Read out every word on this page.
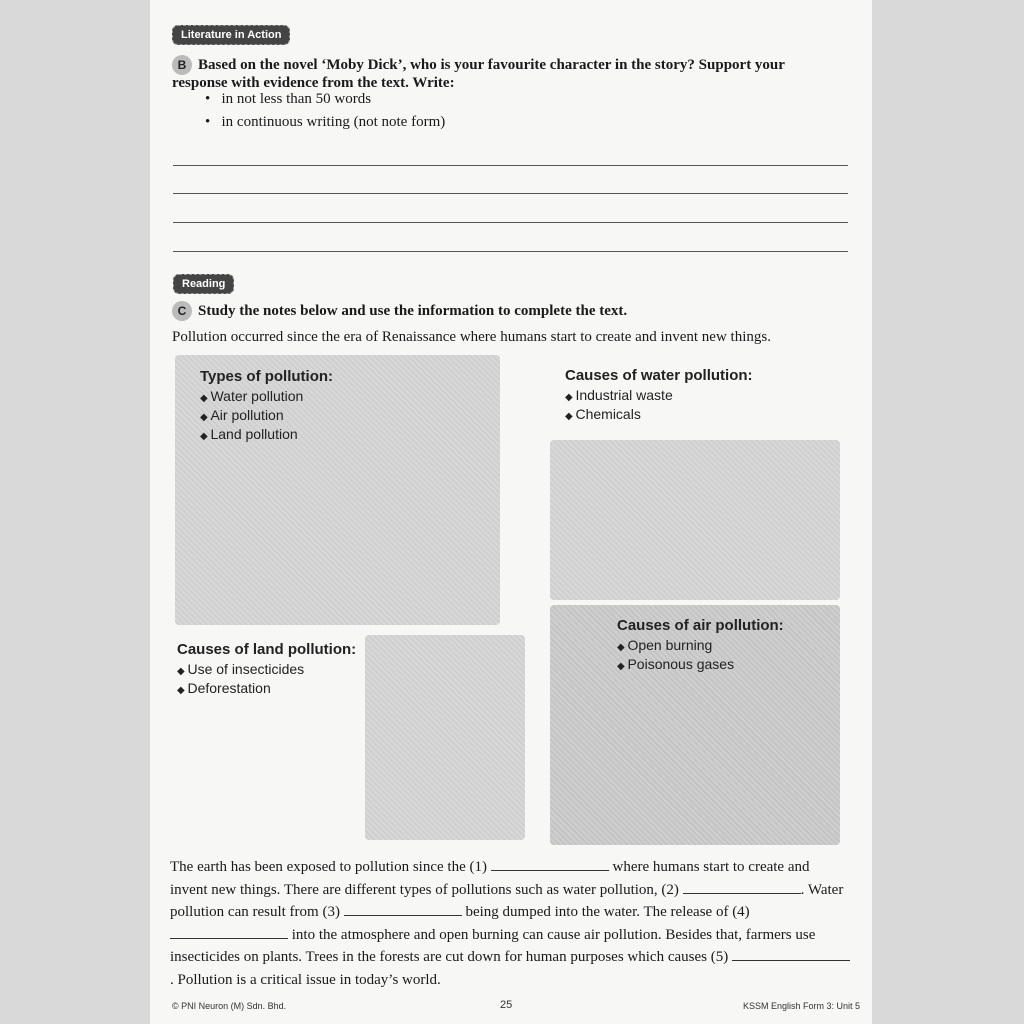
Literature in Action
B Based on the novel ‘Moby Dick’, who is your favourite character in the story? Support your response with evidence from the text. Write:
•   in not less than 50 words
•   in continuous writing (not note form)
Reading
C Study the notes below and use the information to complete the text.
Pollution occurred since the era of Renaissance where humans start to create and invent new things.
Types of pollution:
◆ Water pollution
◆ Air pollution
◆ Land pollution
Causes of water pollution:
◆ Industrial waste
◆ Chemicals
Causes of land pollution:
◆ Use of insecticides
◆ Deforestation
Causes of air pollution:
◆ Open burning
◆ Poisonous gases
The earth has been exposed to pollution since the (1)	where humans start to create and invent new things. There are different types of pollutions such as water pollution, (2)	. Water pollution can result from (3)	being dumped into the water. The release of (4)  into the atmosphere and open burning can cause air pollution. Besides that, farmers use insecticides on plants. Trees in the forests are cut down for human purposes which causes (5) . Pollution is a critical issue in today’s world.
© PNI Neuron (M) Sdn. Bhd.	25	KSSM English Form 3: Unit 5
